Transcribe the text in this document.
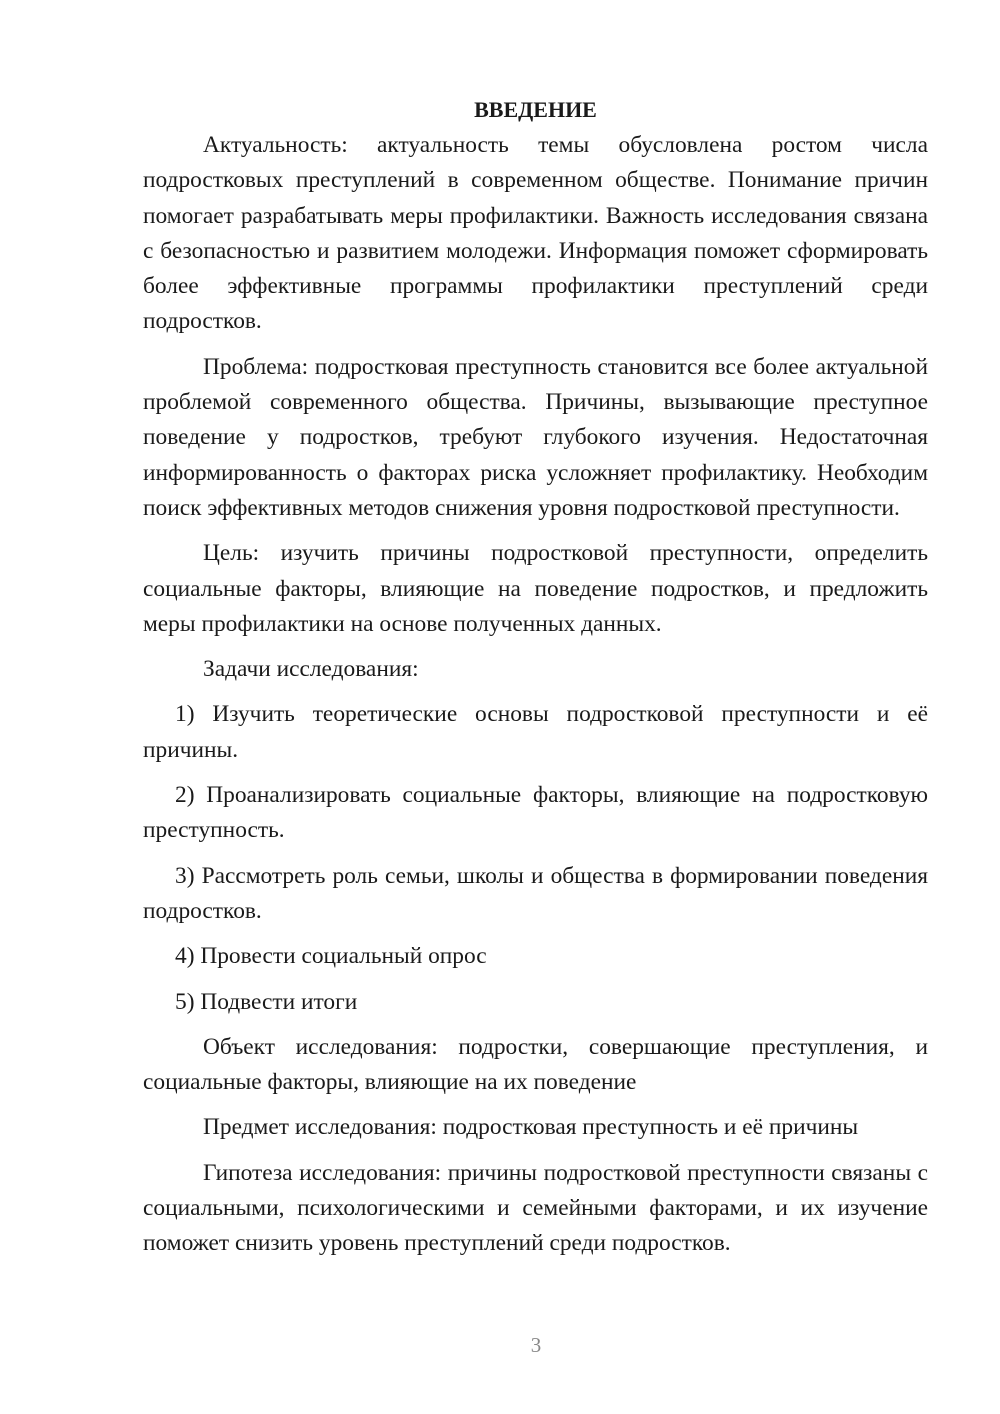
ВВЕДЕНИЕ

Актуальность: актуальность темы обусловлена ростом числа подростковых преступлений в современном обществе. Понимание причин помогает разрабатывать меры профилактики. Важность исследования связана с безопасностью и развитием молодежи. Информация поможет сформировать более эффективные программы профилактики преступлений среди подростков.

Проблема: подростковая преступность становится все более актуальной проблемой современного общества. Причины, вызывающие преступное поведение у подростков, требуют глубокого изучения. Недостаточная информированность о факторах риска усложняет профилактику. Необходим поиск эффективных методов снижения уровня подростковой преступности.

Цель: изучить причины подростковой преступности, определить социальные факторы, влияющие на поведение подростков, и предложить меры профилактики на основе полученных данных.

Задачи исследования:

1) Изучить теоретические основы подростковой преступности и её причины.

2) Проанализировать социальные факторы, влияющие на подростковую преступность.

3) Рассмотреть роль семьи, школы и общества в формировании поведения подростков.

4) Провести социальный опрос

5) Подвести итоги

Объект исследования: подростки, совершающие преступления, и социальные факторы, влияющие на их поведение

Предмет исследования: подростковая преступность и её причины

Гипотеза исследования: причины подростковой преступности связаны с социальными, психологическими и семейными факторами, и их изучение поможет снизить уровень преступлений среди подростков.

3
